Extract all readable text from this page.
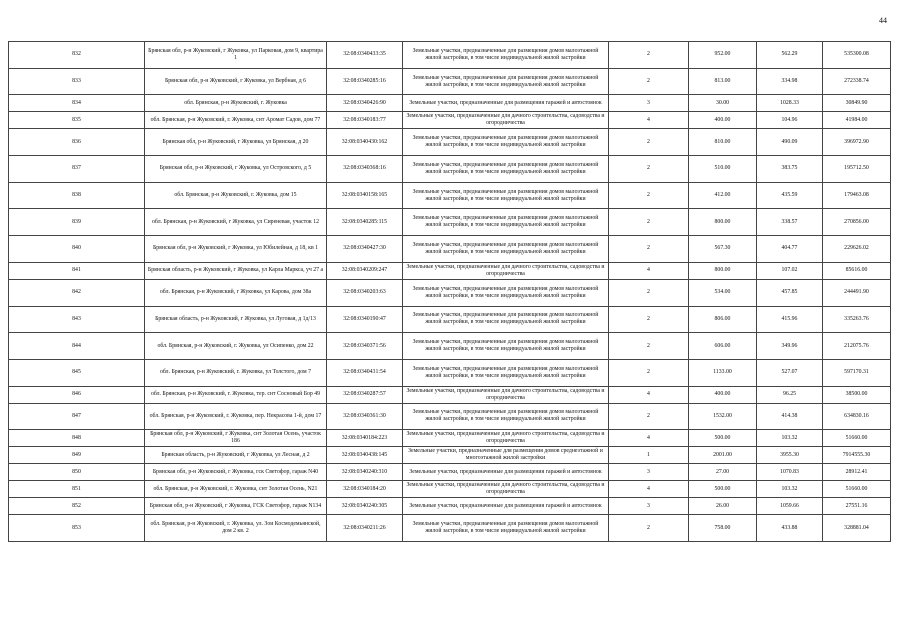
44
832	Брянская обл, р-н Жуковский, г Жуковка, ул Парковая, дом 9, квартира 1	32:08:0340433:35	Земельные участки, предназначенные для размещения домов малоэтажной жилой застройки, в том числе индивидуальной жилой застройки	2	952.00	562.29	535300.08
833	Брянская обл, р-н Жуковский, г Жуковка, ул Вербная, д 6	32:08:0340285:16	Земельные участки, предназначенные для размещения домов малоэтажной жилой застройки, в том числе индивидуальной жилой застройки	2	813.00	334.98	272338.74
834	обл. Брянская, р-н Жуковский, г. Жуковка	32:08:0340426:90	Земельные участки, предназначенные для размещения гаражей и автостоянок	3	30.00	1028.33	30849.90
835	обл. Брянская, р-н Жуковский, г. Жуковка, снт Аромат Садов, дом 77	32:08:0340183:77	Земельные участки, предназначенные для дачного строительства, садоводства и огородничества	4	400.00	104.96	41984.00
836	Брянская обл, р-н Жуковский, г Жуковка, ул Брянская, д 20	32:08:0340430:162	Земельные участки, предназначенные для размещения домов малоэтажной жилой застройки, в том числе индивидуальной жилой застройки	2	810.00	490.09	396972.90
837	Брянская обл, р-н Жуковский, г Жуковка, ул Островского, д 5	32:08:0340368:16	Земельные участки, предназначенные для размещения домов малоэтажной жилой застройки, в том числе индивидуальной жилой застройки	2	510.00	383.75	195712.50
838	обл. Брянская, р-н Жуковский, г. Жуковка, дом 15	32:08:0340158:165	Земельные участки, предназначенные для размещения домов малоэтажной жилой застройки, в том числе индивидуальной жилой застройки	2	412.00	435.59	179463.08
839	обл. Брянская, р-н Жуковский, г Жуковка, ул Сиреневая, участок 12	32:08:0340285:115	Земельные участки, предназначенные для размещения домов малоэтажной жилой застройки, в том числе индивидуальной жилой застройки	2	800.00	338.57	270856.00
840	Брянская обл, р-н Жуковский, г Жуковка, ул Юбилейная, д 18, кв 1	32:08:0340427:30	Земельные участки, предназначенные для размещения домов малоэтажной жилой застройки, в том числе индивидуальной жилой застройки	2	567.30	404.77	229626.02
841	Брянская область, р-н Жуковский, г Жуковка, ул Карла Маркса, уч 27 а	32:08:0340209:247	Земельные участки, предназначенные для дачного строительства, садоводства и огородничества	4	800.00	107.02	85616.00
842	обл. Брянская, р-н Жуковский, г Жуковка, ул Карова, дом 38а	32:08:0340203:63	Земельные участки, предназначенные для размещения домов малоэтажной жилой застройки, в том числе индивидуальной жилой застройки	2	534.00	457.85	244491.90
843	Брянская область, р-н Жуковский, г Жуковка, ул Луговая, д 1д/13	32:08:0340190:47	Земельные участки, предназначенные для размещения домов малоэтажной жилой застройки, в том числе индивидуальной жилой застройки	2	806.00	415.96	335263.76
844	обл. Брянская, р-н Жуковский, г. Жуковка, ул Осипенко, дом 22	32:08:0340371:56	Земельные участки, предназначенные для размещения домов малоэтажной жилой застройки, в том числе индивидуальной жилой застройки	2	606.00	349.96	212075.76
845	обл. Брянская, р-н Жуковский, г. Жуковка, ул Толстого, дом 7	32:08:0340431:54	Земельные участки, предназначенные для размещения домов малоэтажной жилой застройки, в том числе индивидуальной жилой застройки	2	1133.00	527.07	597170.31
846	обл. Брянская, р-н Жуковский, г. Жуковка, тер. снт Сосновый Бор 49	32:08:0340287:57	Земельные участки, предназначенные для дачного строительства, садоводства и огородничества	4	400.00	96.25	38500.00
847	обл. Брянская, р-н Жуковский, г. Жуковка, пер. Некрасова 1-й, дом 17	32:08:0340361:30	Земельные участки, предназначенные для размещения домов малоэтажной жилой застройки, в том числе индивидуальной жилой застройки	2	1532.00	414.38	634830.16
848	Брянская обл, р-н Жуковский, г Жуковка, снт Золотая Осень, участок 186	32:08:0340184:223	Земельные участки, предназначенные для дачного строительства, садоводства и огородничества	4	500.00	103.32	51660.00
849	Брянская область, р-н Жуковский, г Жуковка, ул Лесная, д 2	32:08:0340438:145	Земельные участки, предназначенные для размещения домов среднеэтажной и многоэтажной жилой застройки	1	2001.00	3955.30	7914555.30
850	Брянская обл, р-н Жуковский, г Жуковка, гск Светофор, гараж N40	32:08:0340240:310	Земельные участки, предназначенные для размещения гаражей и автостоянок	3	27.00	1070.83	28912.41
851	обл. Брянская, р-н Жуковский, г. Жуковка, снт Золотая Осень, N21	32:08:0340184:20	Земельные участки, предназначенные для дачного строительства, садоводства и огородничества	4	500.00	103.32	51660.00
852	Брянская обл, р-н Жуковский, г Жуковка, ГСК Светофор, гараж N134	32:08:0340240:305	Земельные участки, предназначенные для размещения гаражей и автостоянок	3	26.00	1059.66	27551.16
853	обл. Брянская, р-н Жуковский, г. Жуковка, ул. Зои Космодемьянской, дом 2 кв. 2	32:08:0340211:26	Земельные участки, предназначенные для размещения домов малоэтажной жилой застройки, в том числе индивидуальной жилой застройки	2	758.00	433.88	328881.04
